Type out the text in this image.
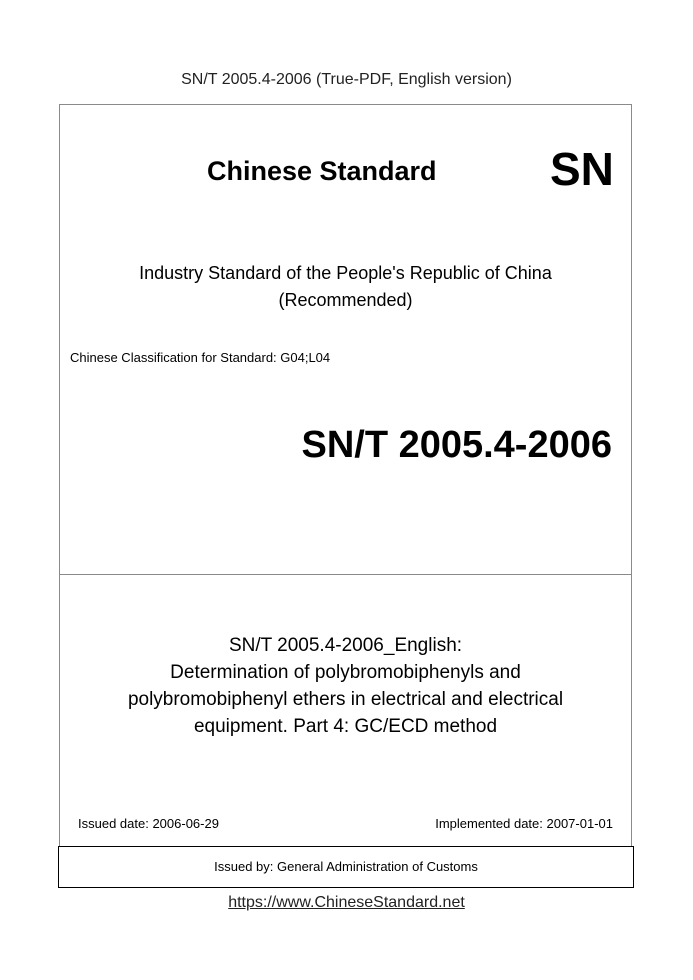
SN/T 2005.4-2006 (True-PDF, English version)
Chinese Standard SN
Industry Standard of the People's Republic of China
(Recommended)
Chinese Classification for Standard: G04;L04
SN/T 2005.4-2006
SN/T 2005.4-2006_English:
Determination of polybromobiphenyls and
polybromobiphenyl ethers in electrical and electrical
equipment. Part 4: GC/ECD method
Issued date: 2006-06-29	Implemented date: 2007-01-01
Issued by: General Administration of Customs
https://www.ChineseStandard.net
